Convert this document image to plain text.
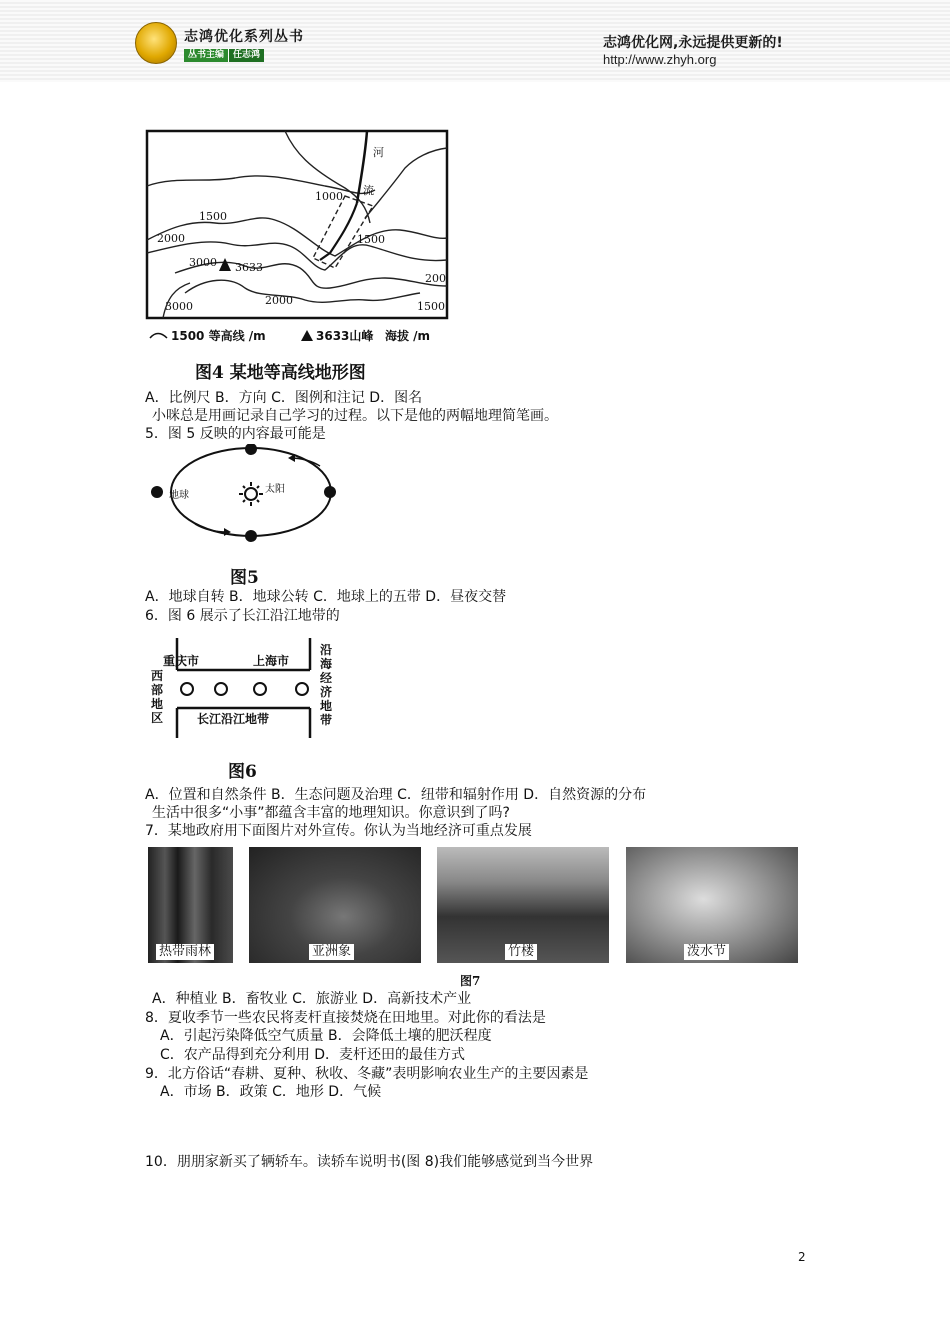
志鸿优化系列丛书
丛书主编	任志鸿
志鸿优化网,永远提供更新的!
http://www.zhyh.org
河
流
1000
1500
1500
1500
2000
2000
200
3000
3000
3633
1500 等高线 /m	3633山峰 海拔 /m
图4 某地等高线地形图
A．比例尺 B．方向 C．图例和注记 D．图名
小咪总是用画记录自己学习的过程。以下是他的两幅地理简笔画。
5．图 5 反映的内容最可能是
地球
太阳
图5
A．地球自转 B．地球公转 C．地球上的五带 D．昼夜交替
6．图 6 展示了长江沿江地带的
重庆市	上海市
长江沿江地带
西
部
地
区
沿
海
经
济
地
带
图6
A．位置和自然条件 B．生态问题及治理 C．纽带和辐射作用 D．自然资源的分布
生活中很多“小事”都蕴含丰富的地理知识。你意识到了吗?
7．某地政府用下面图片对外宣传。你认为当地经济可重点发展
热带雨林	亚洲象	竹楼	泼水节
图7
A．种植业 B．畜牧业 C．旅游业 D．高新技术产业
8．夏收季节一些农民将麦杆直接焚烧在田地里。对此你的看法是
A．引起污染降低空气质量 B．会降低土壤的肥沃程度
C．农产品得到充分利用 D．麦杆还田的最佳方式
9．北方俗话“春耕、夏种、秋收、冬藏”表明影响农业生产的主要因素是
A．市场 B．政策 C．地形 D．气候
10．朋朋家新买了辆轿车。读轿车说明书(图 8)我们能够感觉到当今世界
2
